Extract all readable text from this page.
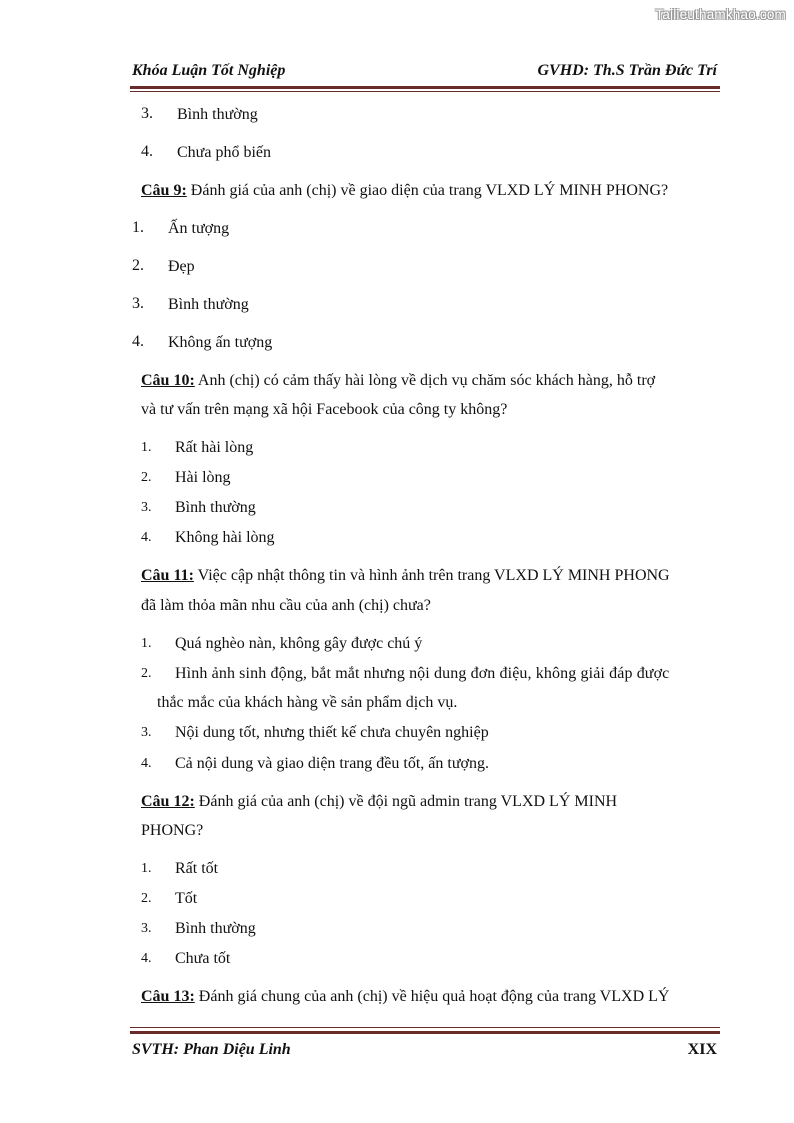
Tailieuthamkhao.com
Khóa Luận Tốt Nghiệp	GVHD: Th.S Trần Đức Trí
3. Bình thường
4. Chưa phổ biến
Câu 9: Đánh giá của anh (chị) về giao diện của trang VLXD LÝ MINH PHONG?
1. Ấn tượng
2. Đẹp
3. Bình thường
4. Không ấn tượng
Câu 10: Anh (chị) có cảm thấy hài lòng về dịch vụ chăm sóc khách hàng, hỗ trợ
và tư vấn trên mạng xã hội Facebook của công ty không?
1. Rất hài lòng
2. Hài lòng
3. Bình thường
4. Không hài lòng
Câu 11: Việc cập nhật thông tin và hình ảnh trên trang VLXD LÝ MINH PHONG
đã làm thỏa mãn nhu cầu của anh (chị) chưa?
1. Quá nghèo nàn, không gây được chú ý
2. Hình ảnh sinh động, bắt mắt nhưng nội dung đơn điệu, không giải đáp được
thắc mắc của khách hàng về sản phẩm dịch vụ.
3. Nội dung tốt, nhưng thiết kế chưa chuyên nghiệp
4. Cả nội dung và giao diện trang đều tốt, ấn tượng.
Câu 12: Đánh giá của anh (chị) về đội ngũ admin trang VLXD LÝ MINH
PHONG?
1. Rất tốt
2. Tốt
3. Bình thường
4. Chưa tốt
Câu 13: Đánh giá chung của anh (chị) về hiệu quả hoạt động của trang VLXD LÝ
SVTH: Phan Diệu Linh	XIX
